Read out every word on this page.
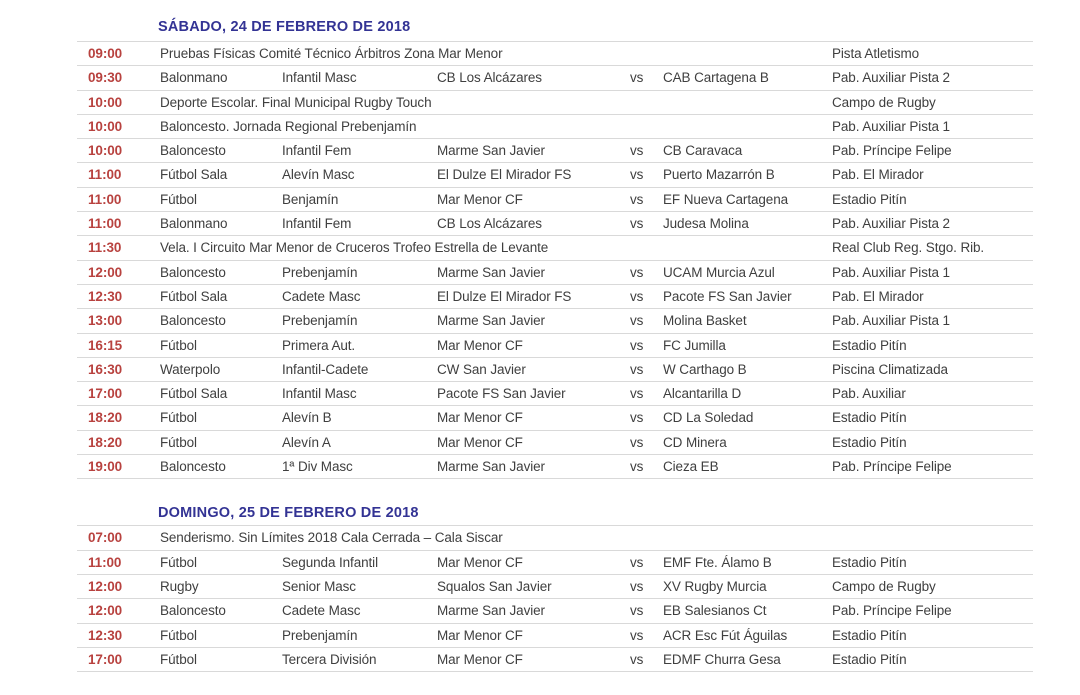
SÁBADO, 24 DE FEBRERO DE 2018
09:00	Pruebas Físicas Comité Técnico Árbitros Zona Mar Menor	Pista Atletismo
09:30	Balonmano	Infantil Masc	CB Los Alcázares	vs CAB Cartagena B	Pab. Auxiliar Pista 2
10:00	Deporte Escolar. Final Municipal Rugby Touch	Campo de Rugby
10:00	Baloncesto. Jornada Regional Prebenjamín	Pab. Auxiliar Pista 1
10:00	Baloncesto	Infantil Fem	Marme San Javier	vs CB Caravaca	Pab. Príncipe Felipe
11:00	Fútbol Sala	Alevín Masc	El Dulze El Mirador FS	vs Puerto Mazarrón B	Pab. El Mirador
11:00	Fútbol	Benjamín	Mar Menor CF	vs EF Nueva Cartagena	Estadio Pitín
11:00	Balonmano	Infantil Fem	CB Los Alcázares	vs Judesa Molina	Pab. Auxiliar Pista 2
11:30	Vela. I Circuito Mar Menor de Cruceros Trofeo Estrella de Levante	Real Club Reg. Stgo. Rib.
12:00	Baloncesto	Prebenjamín	Marme San Javier	vs UCAM Murcia Azul	Pab. Auxiliar Pista 1
12:30	Fútbol Sala	Cadete Masc	El Dulze El Mirador FS	vs Pacote FS San Javier	Pab. El Mirador
13:00	Baloncesto	Prebenjamín	Marme San Javier	vs Molina Basket	Pab. Auxiliar Pista 1
16:15	Fútbol	Primera Aut.	Mar Menor CF	vs FC Jumilla	Estadio Pitín
16:30	Waterpolo	Infantil-Cadete	CW San Javier	vs W Carthago B	Piscina Climatizada
17:00	Fútbol Sala	Infantil Masc	Pacote FS San Javier	vs Alcantarilla D	Pab. Auxiliar
18:20	Fútbol	Alevín B	Mar Menor CF	vs CD La Soledad	Estadio Pitín
18:20	Fútbol	Alevín A	Mar Menor CF	vs CD Minera	Estadio Pitín
19:00	Baloncesto	1ª Div Masc	Marme San Javier	vs Cieza EB	Pab. Príncipe Felipe
DOMINGO, 25 DE FEBRERO DE 2018
07:00	Senderismo. Sin Límites 2018 Cala Cerrada – Cala Siscar
11:00	Fútbol	Segunda Infantil	Mar Menor CF	vs EMF Fte. Álamo B	Estadio Pitín
12:00	Rugby	Senior Masc	Squalos San Javier	vs XV Rugby Murcia	Campo de Rugby
12:00	Baloncesto	Cadete Masc	Marme San Javier	vs EB Salesianos Ct	Pab. Príncipe Felipe
12:30	Fútbol	Prebenjamín	Mar Menor CF	vs ACR Esc Fút Águilas	Estadio Pitín
17:00	Fútbol	Tercera División	Mar Menor CF	vs EDMF Churra Gesa	Estadio Pitín
